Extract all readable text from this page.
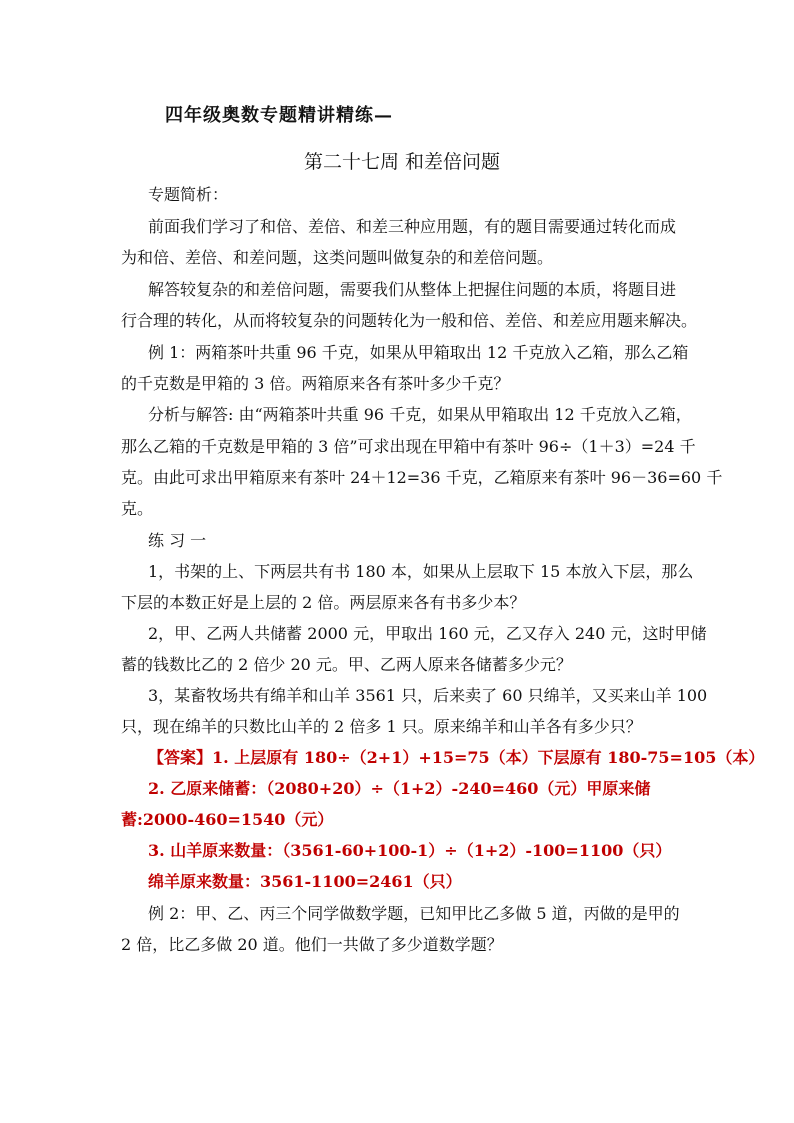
四年级奥数专题精讲精练—
第二十七周 和差倍问题
专题简析：
前面我们学习了和倍、差倍、和差三种应用题，有的题目需要通过转化而成
为和倍、差倍、和差问题，这类问题叫做复杂的和差倍问题。
解答较复杂的和差倍问题，需要我们从整体上把握住问题的本质，将题目进
行合理的转化，从而将较复杂的问题转化为一般和倍、差倍、和差应用题来解决。
例 1：两箱茶叶共重 96 千克，如果从甲箱取出 12 千克放入乙箱，那么乙箱
的千克数是甲箱的 3 倍。两箱原来各有茶叶多少千克？
分析与解答: 由“两箱茶叶共重 96 千克，如果从甲箱取出 12 千克放入乙箱，
那么乙箱的千克数是甲箱的 3 倍”可求出现在甲箱中有茶叶 96÷（1＋3）=24 千
克。由此可求出甲箱原来有茶叶 24＋12=36 千克，乙箱原来有茶叶 96－36=60 千
克。
练 习 一
1，书架的上、下两层共有书 180 本，如果从上层取下 15 本放入下层，那么
下层的本数正好是上层的 2 倍。两层原来各有书多少本？
2，甲、乙两人共储蓄 2000 元，甲取出 160 元，乙又存入 240 元，这时甲储
蓄的钱数比乙的 2 倍少 20 元。甲、乙两人原来各储蓄多少元？
3，某畜牧场共有绵羊和山羊 3561 只，后来卖了 60 只绵羊，又买来山羊 100
只，现在绵羊的只数比山羊的 2 倍多 1 只。原来绵羊和山羊各有多少只？
【答案】1. 上层原有 180÷（2+1）+15=75（本）下层原有 180-75=105（本）
2. 乙原来储蓄：（2080+20）÷（1+2）-240=460（元）甲原来储
蓄:2000-460=1540（元）
3. 山羊原来数量：（3561-60+100-1）÷（1+2）-100=1100（只）
绵羊原来数量：3561-1100=2461（只）
例 2：甲、乙、丙三个同学做数学题，已知甲比乙多做 5 道，丙做的是甲的
2 倍，比乙多做 20 道。他们一共做了多少道数学题？
